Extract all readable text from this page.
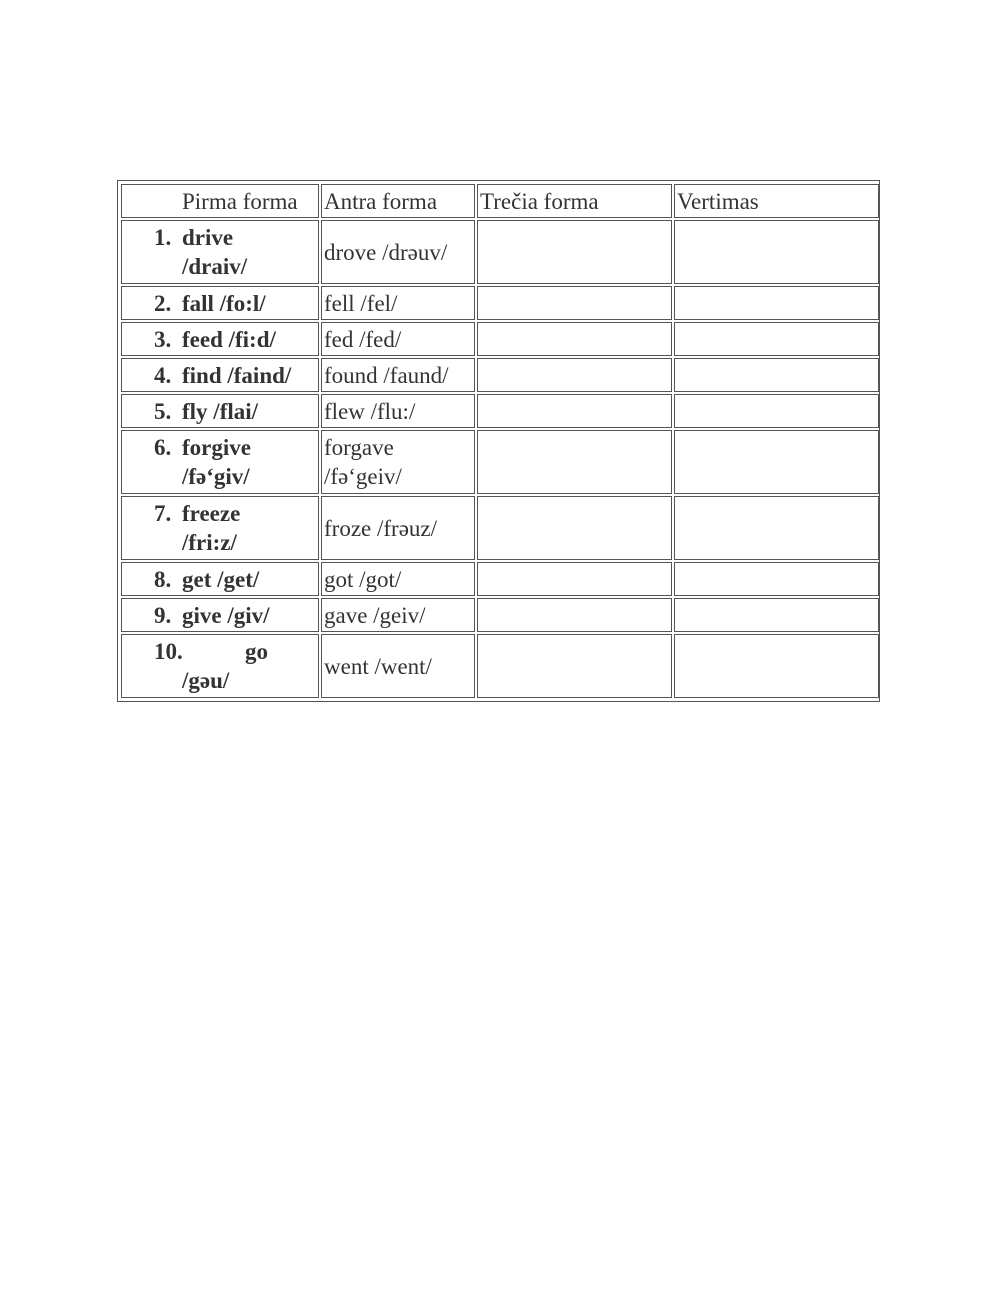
Pirma forma	Antra forma	Trečia forma	Vertimas

1. drive
/draiv/	drove /drəuv/		

2. fall /fo:l/	fell /fel/		

3. feed /fi:d/	fed /fed/		

4. find /faind/	found /faund/		

5. fly /flai/	flew /flu:/		

6. forgive
/fə‘giv/	forgave /fə‘geiv/		

7. freeze
/fri:z/	froze /frəuz/		

8. get /get/	got /got/		

9. give /giv/	gave /geiv/		

10. go
/gəu/	went /went/		
